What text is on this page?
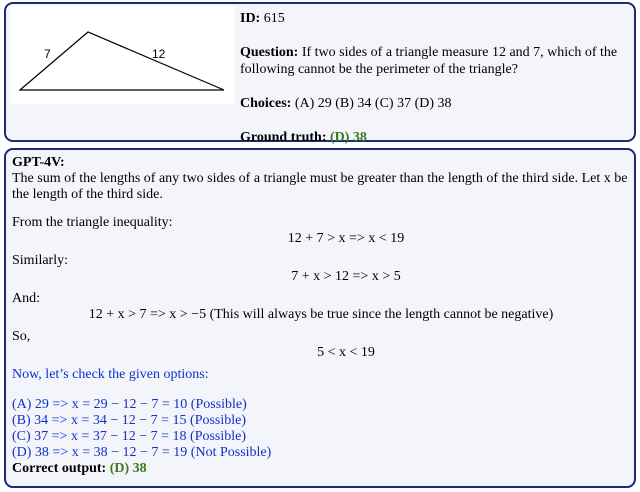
7	12

ID: 615

Question: If two sides of a triangle measure 12 and 7, which of the following cannot be the perimeter of the triangle?

Choices: (A) 29 (B) 34 (C) 37 (D) 38

Ground truth: (D) 38

GPT-4V:

The sum of the lengths of any two sides of a triangle must be greater than the length of the third side. Let x be the length of the third side.

From the triangle inequality:

12 + 7 > x => x < 19

Similarly:

7 + x > 12 => x > 5

And:

12 + x > 7 => x > −5 (This will always be true since the length cannot be negative)

So,

5 < x < 19

Now, let’s check the given options:

(A) 29 => x = 29 − 12 − 7 = 10 (Possible)

(B) 34 => x = 34 − 12 − 7 = 15 (Possible)

(C) 37 => x = 37 − 12 − 7 = 18 (Possible)

(D) 38 => x = 38 − 12 − 7 = 19 (Not Possible)

Correct output: (D) 38
